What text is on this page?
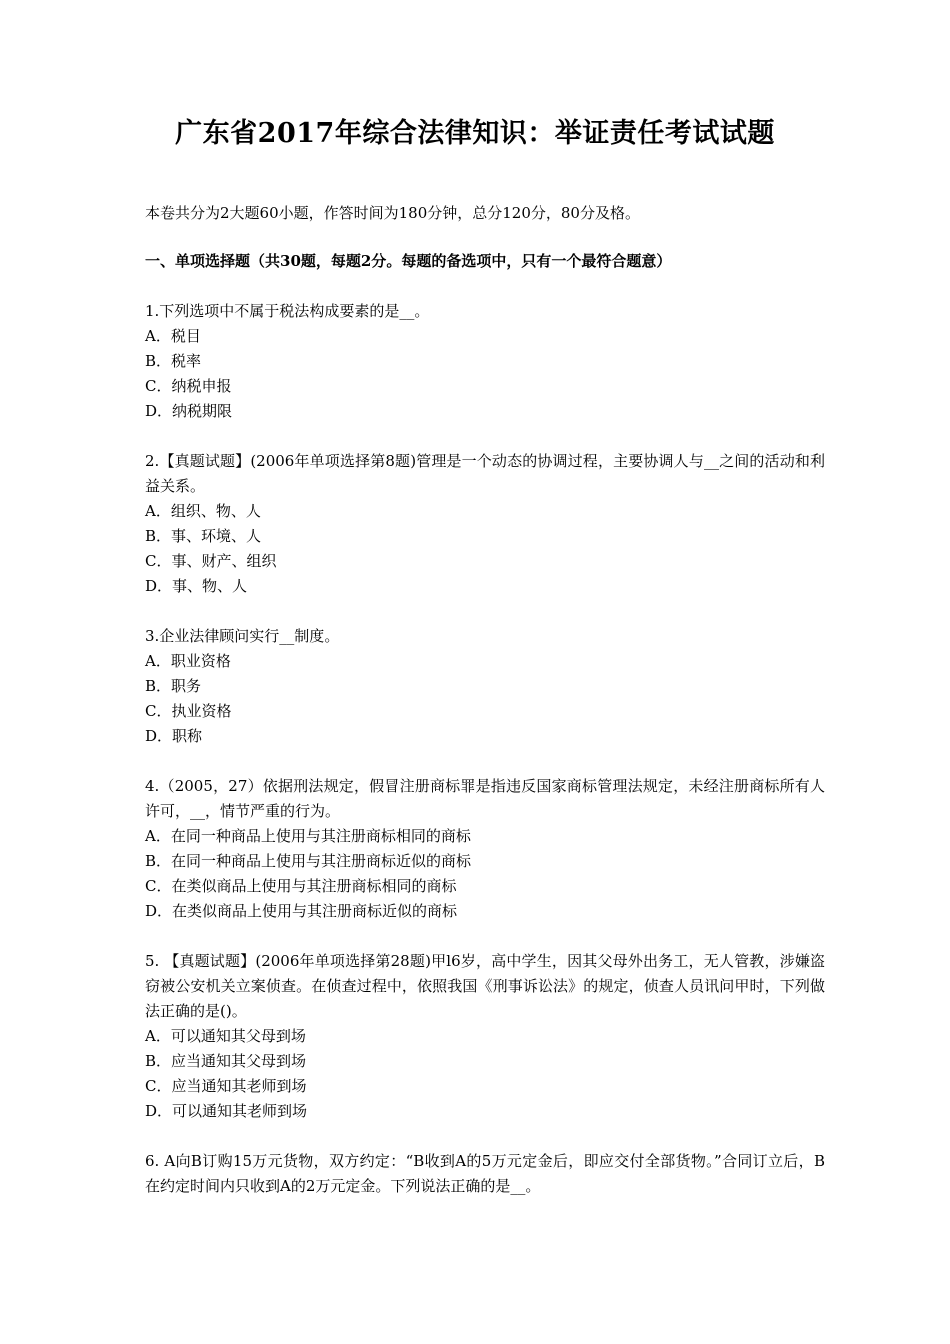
广东省2017年综合法律知识：举证责任考试试题
本卷共分为2大题60小题，作答时间为180分钟，总分120分，80分及格。
一、单项选择题（共30题，每题2分。每题的备选项中，只有一个最符合题意）
1.下列选项中不属于税法构成要素的是__。
A．税目
B．税率
C．纳税申报
D．纳税期限
2.【真题试题】(2006年单项选择第8题)管理是一个动态的协调过程，主要协调人与__之间的活动和利益关系。
A．组织、物、人
B．事、环境、人
C．事、财产、组织
D．事、物、人
3.企业法律顾问实行__制度。
A．职业资格
B．职务
C．执业资格
D．职称
4.（2005，27）依据刑法规定，假冒注册商标罪是指违反国家商标管理法规定，未经注册商标所有人许可，__，情节严重的行为。
A．在同一种商品上使用与其注册商标相同的商标
B．在同一种商品上使用与其注册商标近似的商标
C．在类似商品上使用与其注册商标相同的商标
D．在类似商品上使用与其注册商标近似的商标
5. 【真题试题】(2006年单项选择第28题)甲l6岁，高中学生，因其父母外出务工，无人管教，涉嫌盗窃被公安机关立案侦查。在侦查过程中，依照我国《刑事诉讼法》的规定，侦查人员讯问甲时，下列做法正确的是()。
A．可以通知其父母到场
B．应当通知其父母到场
C．应当通知其老师到场
D．可以通知其老师到场
6. A向B订购15万元货物，双方约定：“B收到A的5万元定金后，即应交付全部货物。”合同订立后，B在约定时间内只收到A的2万元定金。下列说法正确的是__。
